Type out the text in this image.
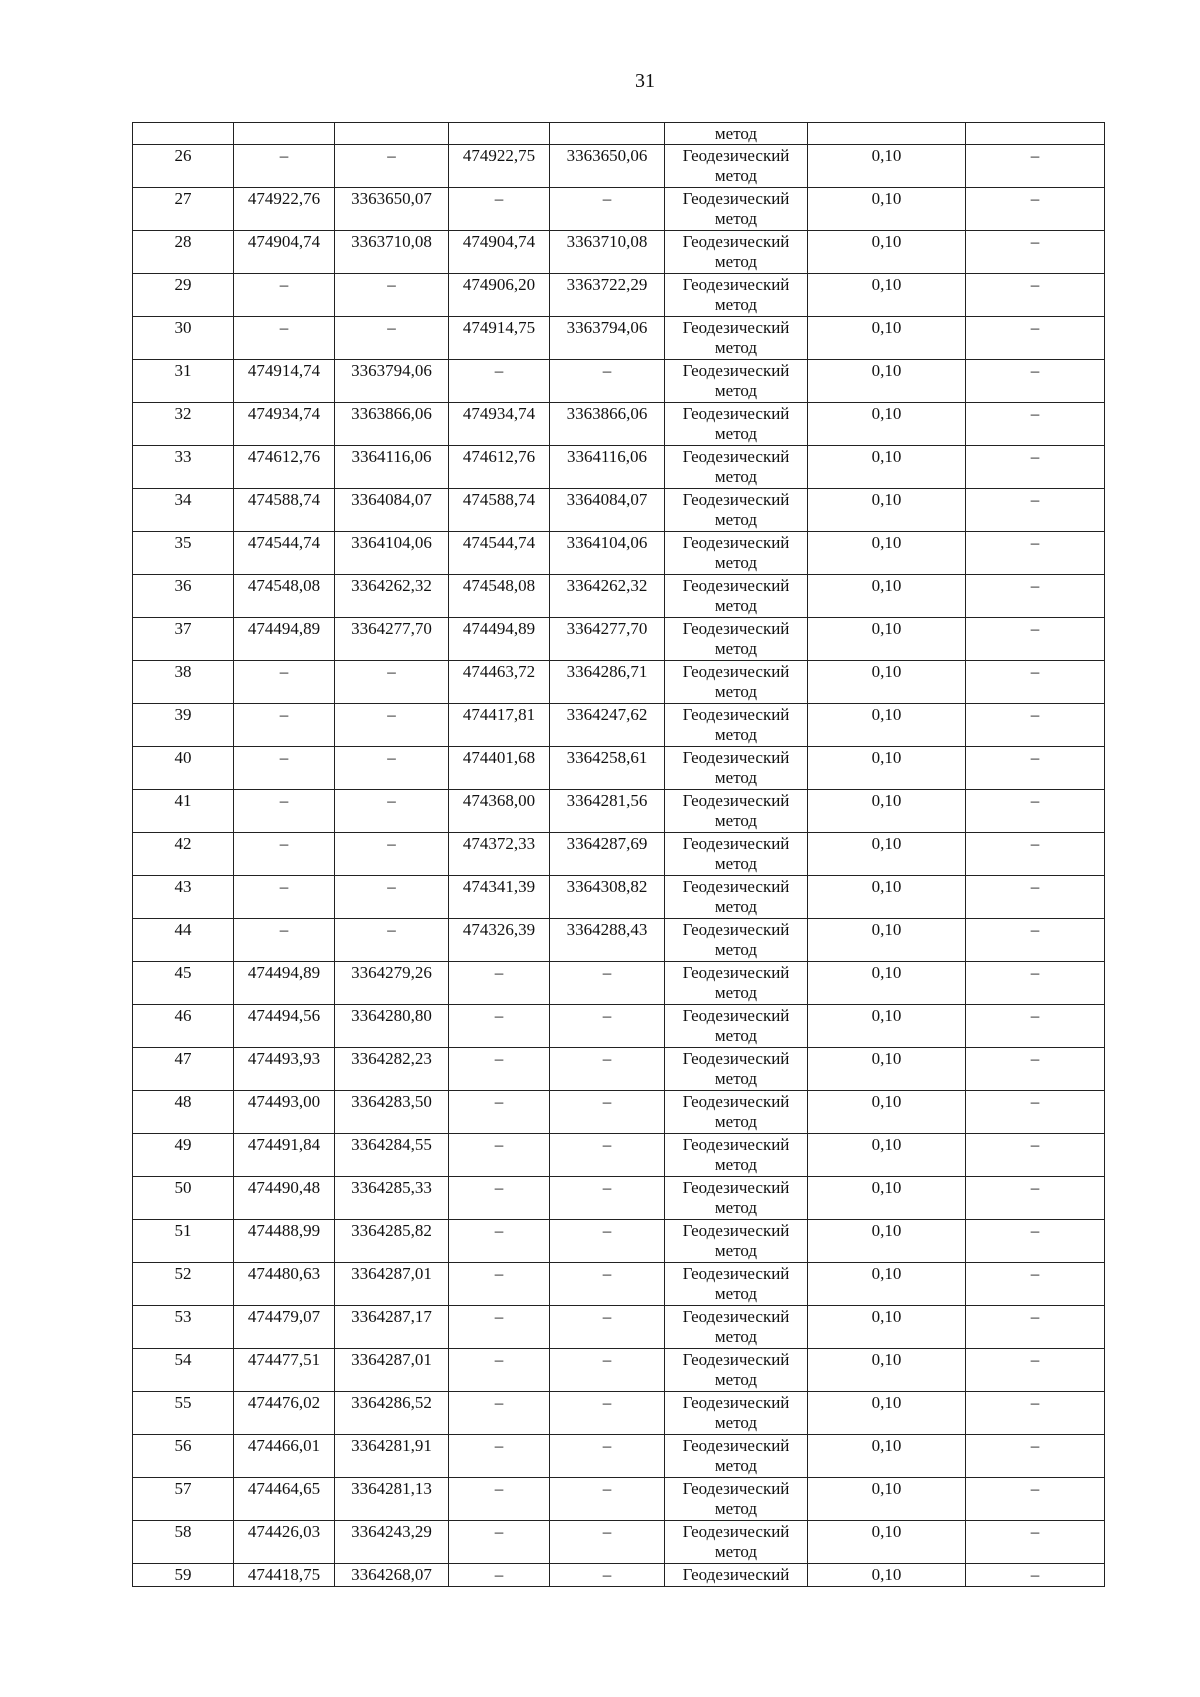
31

					метод		

26	–	–	474922,75	3363650,06	Геодезический
метод	0,10	–

27	474922,76	3363650,07	–	–	Геодезический
метод	0,10	–

28	474904,74	3363710,08	474904,74	3363710,08	Геодезический
метод	0,10	–

29	–	–	474906,20	3363722,29	Геодезический
метод	0,10	–

30	–	–	474914,75	3363794,06	Геодезический
метод	0,10	–

31	474914,74	3363794,06	–	–	Геодезический
метод	0,10	–

32	474934,74	3363866,06	474934,74	3363866,06	Геодезический
метод	0,10	–

33	474612,76	3364116,06	474612,76	3364116,06	Геодезический
метод	0,10	–

34	474588,74	3364084,07	474588,74	3364084,07	Геодезический
метод	0,10	–

35	474544,74	3364104,06	474544,74	3364104,06	Геодезический
метод	0,10	–

36	474548,08	3364262,32	474548,08	3364262,32	Геодезический
метод	0,10	–

37	474494,89	3364277,70	474494,89	3364277,70	Геодезический
метод	0,10	–

38	–	–	474463,72	3364286,71	Геодезический
метод	0,10	–

39	–	–	474417,81	3364247,62	Геодезический
метод	0,10	–

40	–	–	474401,68	3364258,61	Геодезический
метод	0,10	–

41	–	–	474368,00	3364281,56	Геодезический
метод	0,10	–

42	–	–	474372,33	3364287,69	Геодезический
метод	0,10	–

43	–	–	474341,39	3364308,82	Геодезический
метод	0,10	–

44	–	–	474326,39	3364288,43	Геодезический
метод	0,10	–

45	474494,89	3364279,26	–	–	Геодезический
метод	0,10	–

46	474494,56	3364280,80	–	–	Геодезический
метод	0,10	–

47	474493,93	3364282,23	–	–	Геодезический
метод	0,10	–

48	474493,00	3364283,50	–	–	Геодезический
метод	0,10	–

49	474491,84	3364284,55	–	–	Геодезический
метод	0,10	–

50	474490,48	3364285,33	–	–	Геодезический
метод	0,10	–

51	474488,99	3364285,82	–	–	Геодезический
метод	0,10	–

52	474480,63	3364287,01	–	–	Геодезический
метод	0,10	–

53	474479,07	3364287,17	–	–	Геодезический
метод	0,10	–

54	474477,51	3364287,01	–	–	Геодезический
метод	0,10	–

55	474476,02	3364286,52	–	–	Геодезический
метод	0,10	–

56	474466,01	3364281,91	–	–	Геодезический
метод	0,10	–

57	474464,65	3364281,13	–	–	Геодезический
метод	0,10	–

58	474426,03	3364243,29	–	–	Геодезический
метод	0,10	–

59	474418,75	3364268,07	–	–	Геодезический	0,10	–
